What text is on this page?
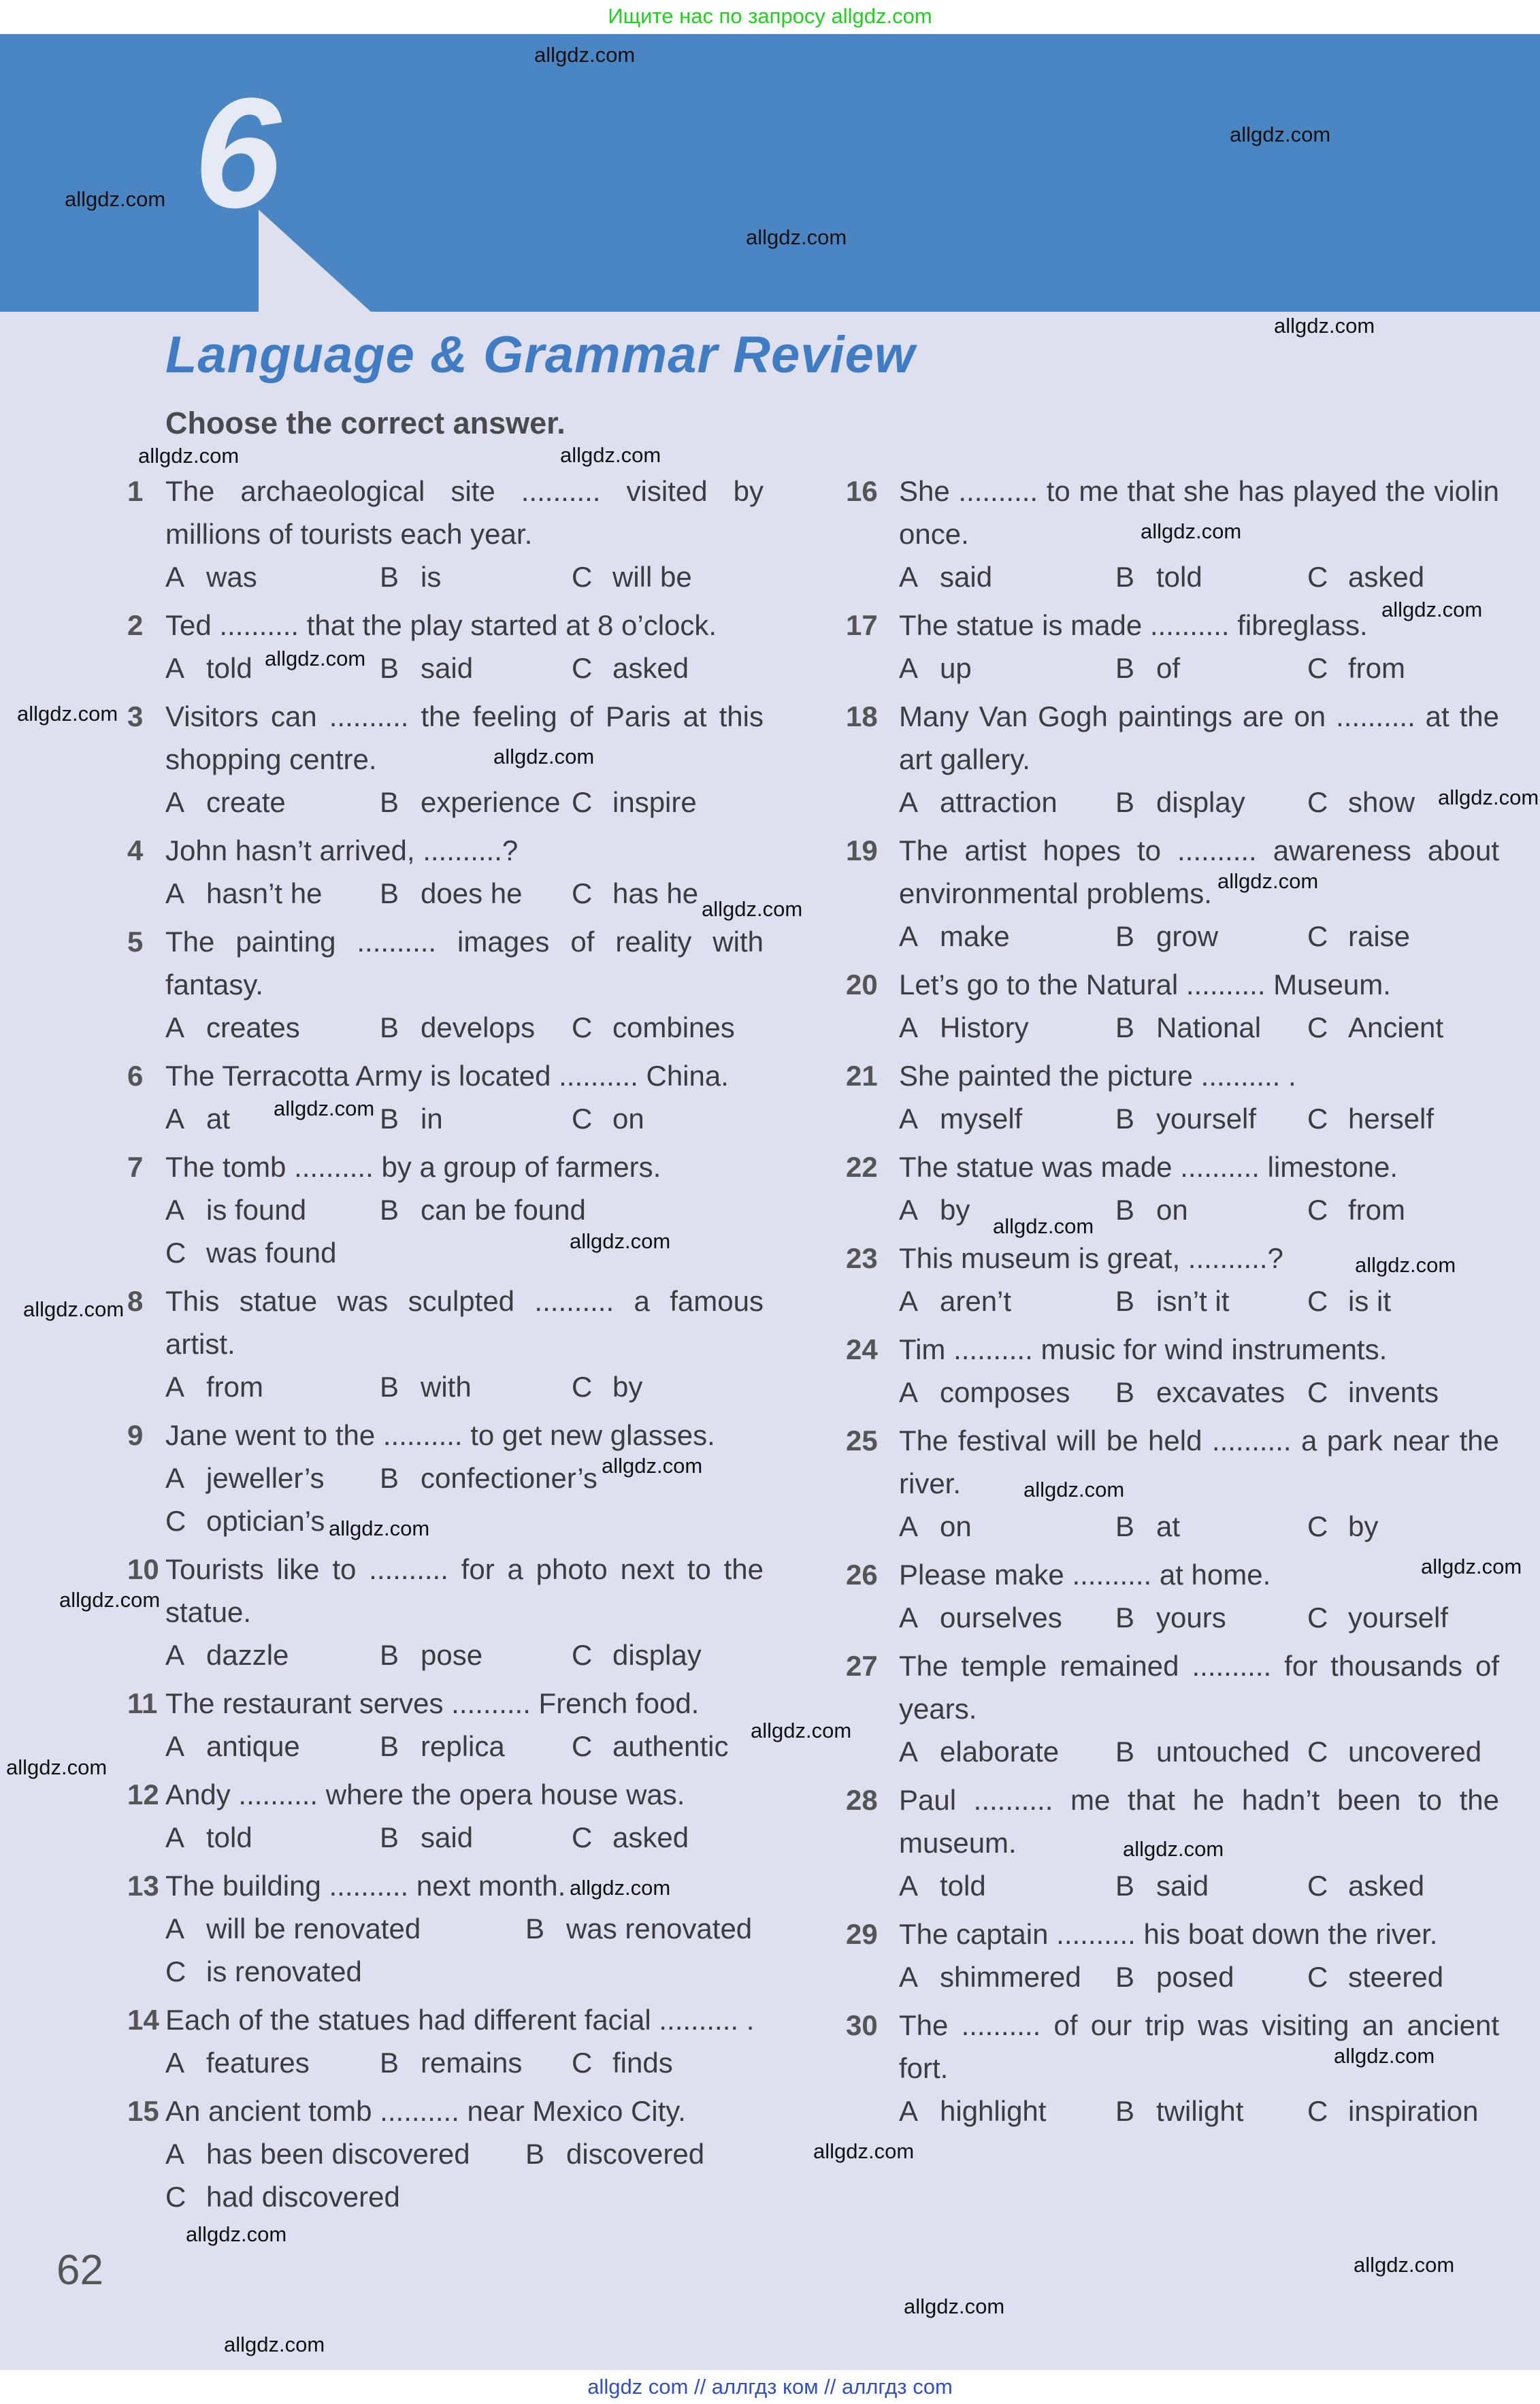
Ищите нас по запросу allgdz.com
6
Language & Grammar Review
Choose the correct answer.
1 The archaeological site .......... visited by millions of tourists each year.
A was	B is	C will be
2 Ted .......... that the play started at 8 o’clock.
A told	B said	C asked
3 Visitors can .......... the feeling of Paris at this shopping centre.
A create	B experience C inspire
4 John hasn’t arrived, ..........?
A hasn’t he B does he C has he
5 The painting .......... images of reality with fantasy.
A creates	B develops C combines
6 The Terracotta Army is located .......... China.
A at	B in	C on
7 The tomb .......... by a group of farmers.
A is found	B can be found
C was found
8 This statue was sculpted .......... a famous artist.
A from	B with	C by
9 Jane went to the .......... to get new glasses.
A jeweller’s B confectioner’s
C optician’s
10 Tourists like to .......... for a photo next to the statue.
A dazzle	B pose	C display
11 The restaurant serves .......... French food.
A antique	B replica C authentic
12 Andy .......... where the opera house was.
A told	B said	C asked
13 The building .......... next month.
A will be renovated	B was renovated
C is renovated
14 Each of the statues had different facial .......... .
A features B remains C finds
15 An ancient tomb .......... near Mexico City.
A has been discovered B discovered
C had discovered
16 She .......... to me that she has played the violin once.
A said	B told	C asked
17 The statue is made .......... fibreglass.
A up	B of	C from
18 Many Van Gogh paintings are on .......... at the art gallery.
A attraction B display C show
19 The artist hopes to .......... awareness about environmental problems.
A make	B grow	C raise
20 Let’s go to the Natural .......... Museum.
A History	B National C Ancient
21 She painted the picture .......... .
A myself	B yourself C herself
22 The statue was made .......... limestone.
A by	B on	C from
23 This museum is great, ..........?
A aren’t	B isn’t it	C is it
24 Tim .......... music for wind instruments.
A composes B excavates C invents
25 The festival will be held .......... a park near the river.
A on	B at	C by
26 Please make .......... at home.
A ourselves B yours	C yourself
27 The temple remained .......... for thousands of years.
A elaborate B untouched C uncovered
28 Paul .......... me that he hadn’t been to the museum.
A told	B said	C asked
29 The captain .......... his boat down the river.
A shimmered B posed	C steered
30 The .......... of our trip was visiting an ancient fort.
A highlight B twilight C inspiration
62
allgdz.com
allgdz.com
allgdz.com
allgdz.com
allgdz.com
allgdz.com	allgdz.com
allgdz.com
allgdz.com
allgdz.com
allgdz.com
allgdz.com
allgdz.com
allgdz.com
allgdz.com
allgdz.com
allgdz.com
allgdz.com
allgdz.com
allgdz.com
allgdz.com
allgdz.com
allgdz.com
allgdz.com
allgdz.com
allgdz.com
allgdz.com
allgdz.com
allgdz.com
allgdz.com
allgdz.com
allgdz.com
allgdz.com
allgdz.com
allgdz.com
allgdz com // аллгдз ком // аллгдз com
